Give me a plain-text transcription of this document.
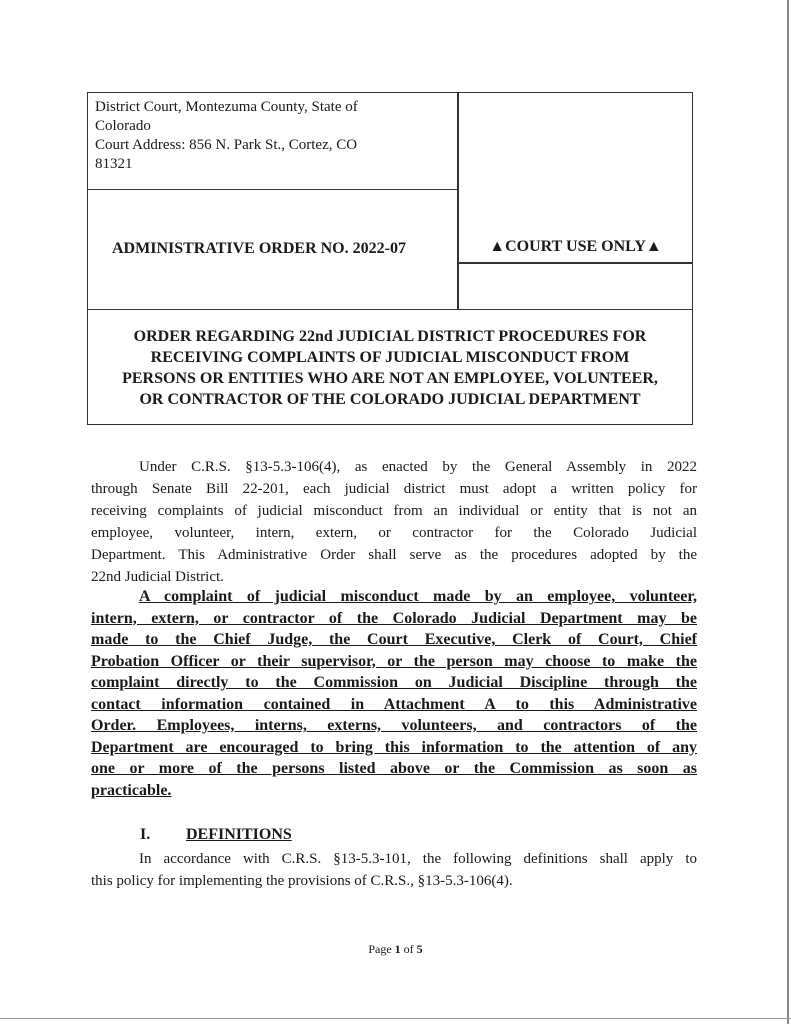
District Court, Montezuma County, State of
Colorado
Court Address: 856 N. Park St., Cortez, CO
81321
ADMINISTRATIVE ORDER NO. 2022-07	▲COURT USE ONLY▲
ORDER REGARDING 22nd JUDICIAL DISTRICT PROCEDURES FOR
RECEIVING COMPLAINTS OF JUDICIAL MISCONDUCT FROM
PERSONS OR ENTITIES WHO ARE NOT AN EMPLOYEE, VOLUNTEER,
OR CONTRACTOR OF THE COLORADO JUDICIAL DEPARTMENT
Under C.R.S. §13-5.3-106(4), as enacted by the General Assembly in 2022
through Senate Bill 22-201, each judicial district must adopt a written policy for
receiving complaints of judicial misconduct from an individual or entity that is not an
employee, volunteer, intern, extern, or contractor for the Colorado Judicial
Department. This Administrative Order shall serve as the procedures adopted by the
22nd Judicial District.
A complaint of judicial misconduct made by an employee, volunteer,
intern, extern, or contractor of the Colorado Judicial Department may be
made to the Chief Judge, the Court Executive, Clerk of Court, Chief
Probation Officer or their supervisor, or the person may choose to make the
complaint directly to the Commission on Judicial Discipline through the
contact information contained in Attachment A to this Administrative
Order. Employees, interns, externs, volunteers, and contractors of the
Department are encouraged to bring this information to the attention of any
one or more of the persons listed above or the Commission as soon as
practicable.
I. DEFINITIONS
In accordance with C.R.S. §13-5.3-101, the following definitions shall apply to
this policy for implementing the provisions of C.R.S., §13-5.3-106(4).
Page 1 of 5
